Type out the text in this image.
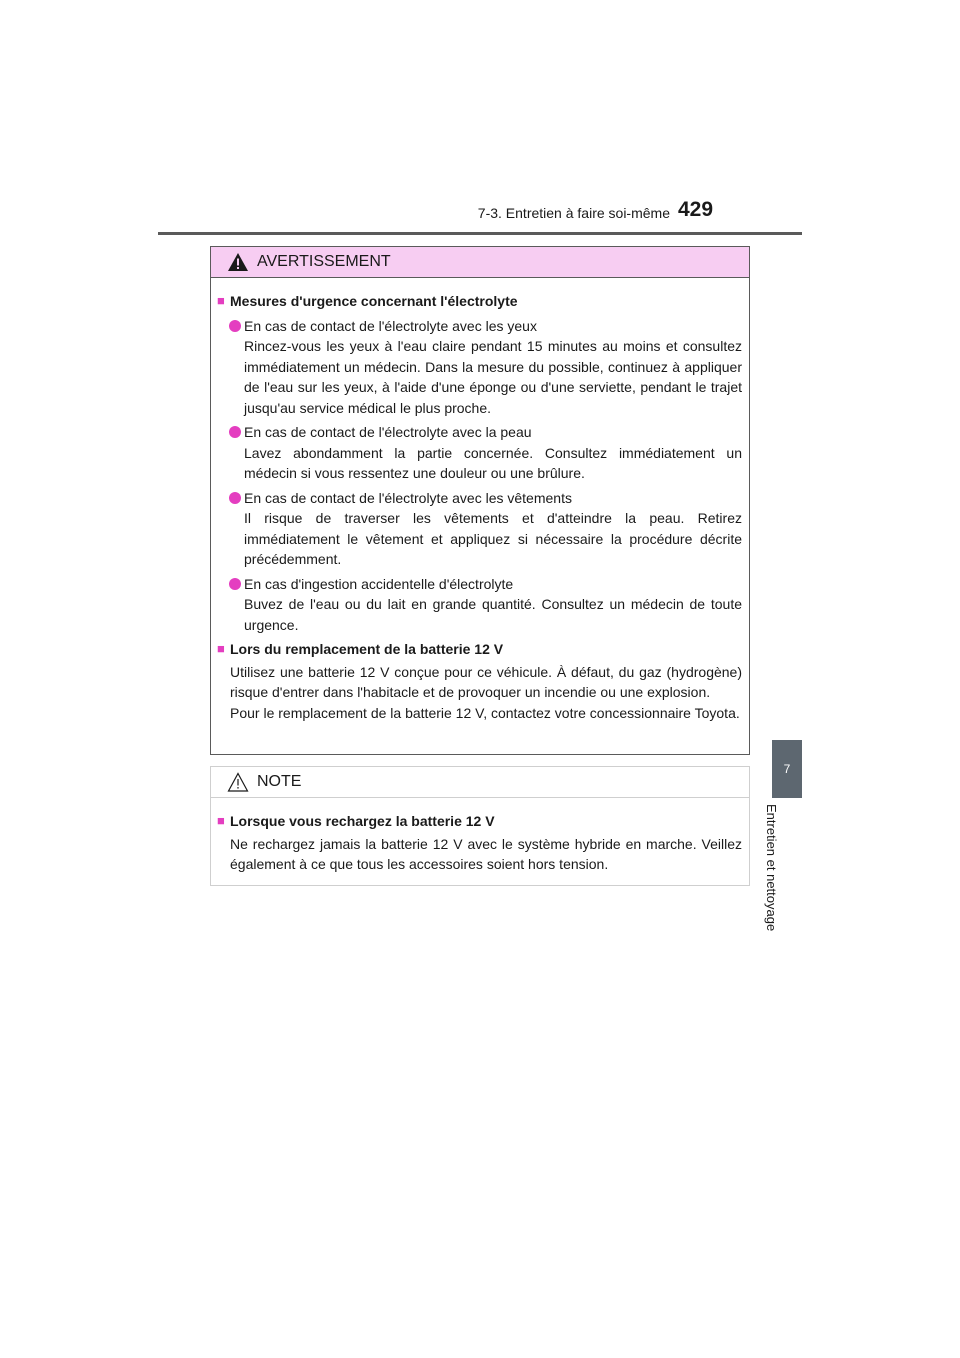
7-3. Entretien à faire soi-même 429
7
Entretien et nettoyage
AVERTISSEMENT
■ Mesures d'urgence concernant l'électrolyte
En cas de contact de l'électrolyte avec les yeux
Rincez-vous les yeux à l'eau claire pendant 15 minutes au moins et consultez immédiatement un médecin. Dans la mesure du possible, continuez à appliquer de l'eau sur les yeux, à l'aide d'une éponge ou d'une serviette, pendant le trajet jusqu'au service médical le plus proche.
En cas de contact de l'électrolyte avec la peau
Lavez abondamment la partie concernée. Consultez immédiatement un médecin si vous ressentez une douleur ou une brûlure.
En cas de contact de l'électrolyte avec les vêtements
Il risque de traverser les vêtements et d'atteindre la peau. Retirez immédiatement le vêtement et appliquez si nécessaire la procédure décrite précédemment.
En cas d'ingestion accidentelle d'électrolyte
Buvez de l'eau ou du lait en grande quantité. Consultez un médecin de toute urgence.
■ Lors du remplacement de la batterie 12 V
Utilisez une batterie 12 V conçue pour ce véhicule. À défaut, du gaz (hydrogène) risque d'entrer dans l'habitacle et de provoquer un incendie ou une explosion.
Pour le remplacement de la batterie 12 V, contactez votre concessionnaire Toyota.
NOTE
■ Lorsque vous rechargez la batterie 12 V
Ne rechargez jamais la batterie 12 V avec le système hybride en marche. Veillez également à ce que tous les accessoires soient hors tension.
